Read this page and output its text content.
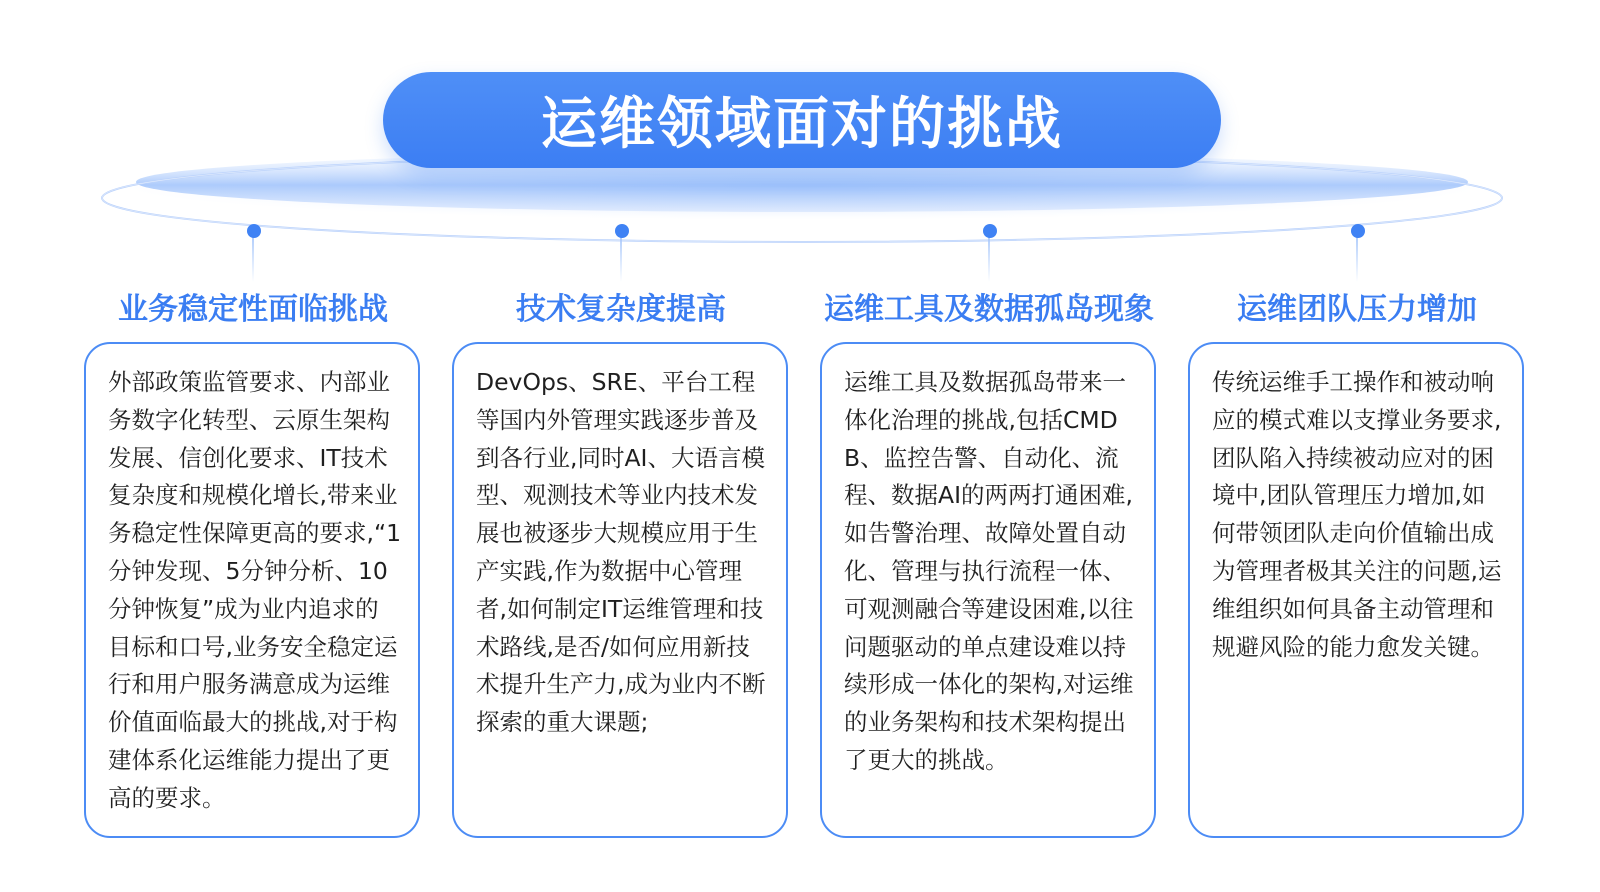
运维领域面对的挑战
业务稳定性面临挑战
外部政策监管要求、内部业务数字化转型、云原生架构发展、信创化要求、IT技术复杂度和规模化增长,带来业务稳定性保障更高的要求,“1分钟发现、5分钟分析、10分钟恢复”成为业内追求的目标和口号,业务安全稳定运行和用户服务满意成为运维价值面临最大的挑战,对于构建体系化运维能力提出了更高的要求。
技术复杂度提高
DevOps、SRE、平台工程等国内外管理实践逐步普及到各行业,同时AI、大语言模型、观测技术等业内技术发展也被逐步大规模应用于生产实践,作为数据中心管理者,如何制定IT运维管理和技术路线,是否/如何应用新技术提升生产力,成为业内不断探索的重大课题;
运维工具及数据孤岛现象
运维工具及数据孤岛带来一体化治理的挑战,包括CMDB、监控告警、自动化、流程、数据AI的两两打通困难,如告警治理、故障处置自动化、管理与执行流程一体、可观测融合等建设困难,以往问题驱动的单点建设难以持续形成一体化的架构,对运维的业务架构和技术架构提出了更大的挑战。
运维团队压力增加
传统运维手工操作和被动响应的模式难以支撑业务要求,团队陷入持续被动应对的困境中,团队管理压力增加,如何带领团队走向价值输出成为管理者极其关注的问题,运维组织如何具备主动管理和规避风险的能力愈发关键。
